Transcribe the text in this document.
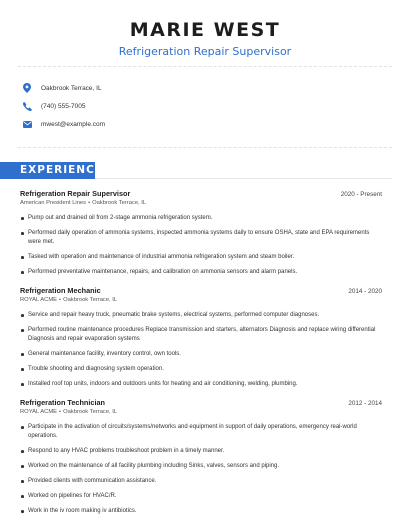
MARIE WEST
Refrigeration Repair Supervisor
Oakbrook Terrace, IL
(740) 555-7005
mwest@example.com
EXPERIENCE
Refrigeration Repair Supervisor	2020 - Present
American President Lines • Oakbrook Terrace, IL
Pump out and drained oil from 2-stage ammonia refrigeration system.
Performed daily operation of ammonia systems, inspected ammonia systems daily to ensure OSHA, state and EPA requirements were met.
Tasked with operation and maintenance of industrial ammonia refrigeration system and steam boiler.
Performed preventative maintenance, repairs, and calibration on ammonia sensors and alarm panels.
Refrigeration Mechanic	2014 - 2020
ROYAL ACME • Oakbrook Terrace, IL
Service and repair heavy truck, pneumatic brake systems, electrical systems, performed computer diagnoses.
Performed routine maintenance procedures Replace transmission and starters, alternators Diagnosis and replace wiring differential Diagnosis and repair evaporation systems
General maintenance facility, inventory control, own tools.
Trouble shooting and diagnosing system operation.
Installed roof top units, indoors and outdoors units for heating and air conditioning, welding, plumbing.
Refrigeration Technician	2012 - 2014
ROYAL ACME • Oakbrook Terrace, IL
Participate in the activation of circuits/systems/networks and equipment in support of daily operations, emergency real-world operations.
Respond to any HVAC problems troubleshoot problem in a timely manner.
Worked on the maintenance of all facility plumbing including Sinks, valves, sensors and piping.
Provided clients with communication assistance.
Worked on pipelines for HVAC/R.
Work in the iv room making iv antibiotics.
